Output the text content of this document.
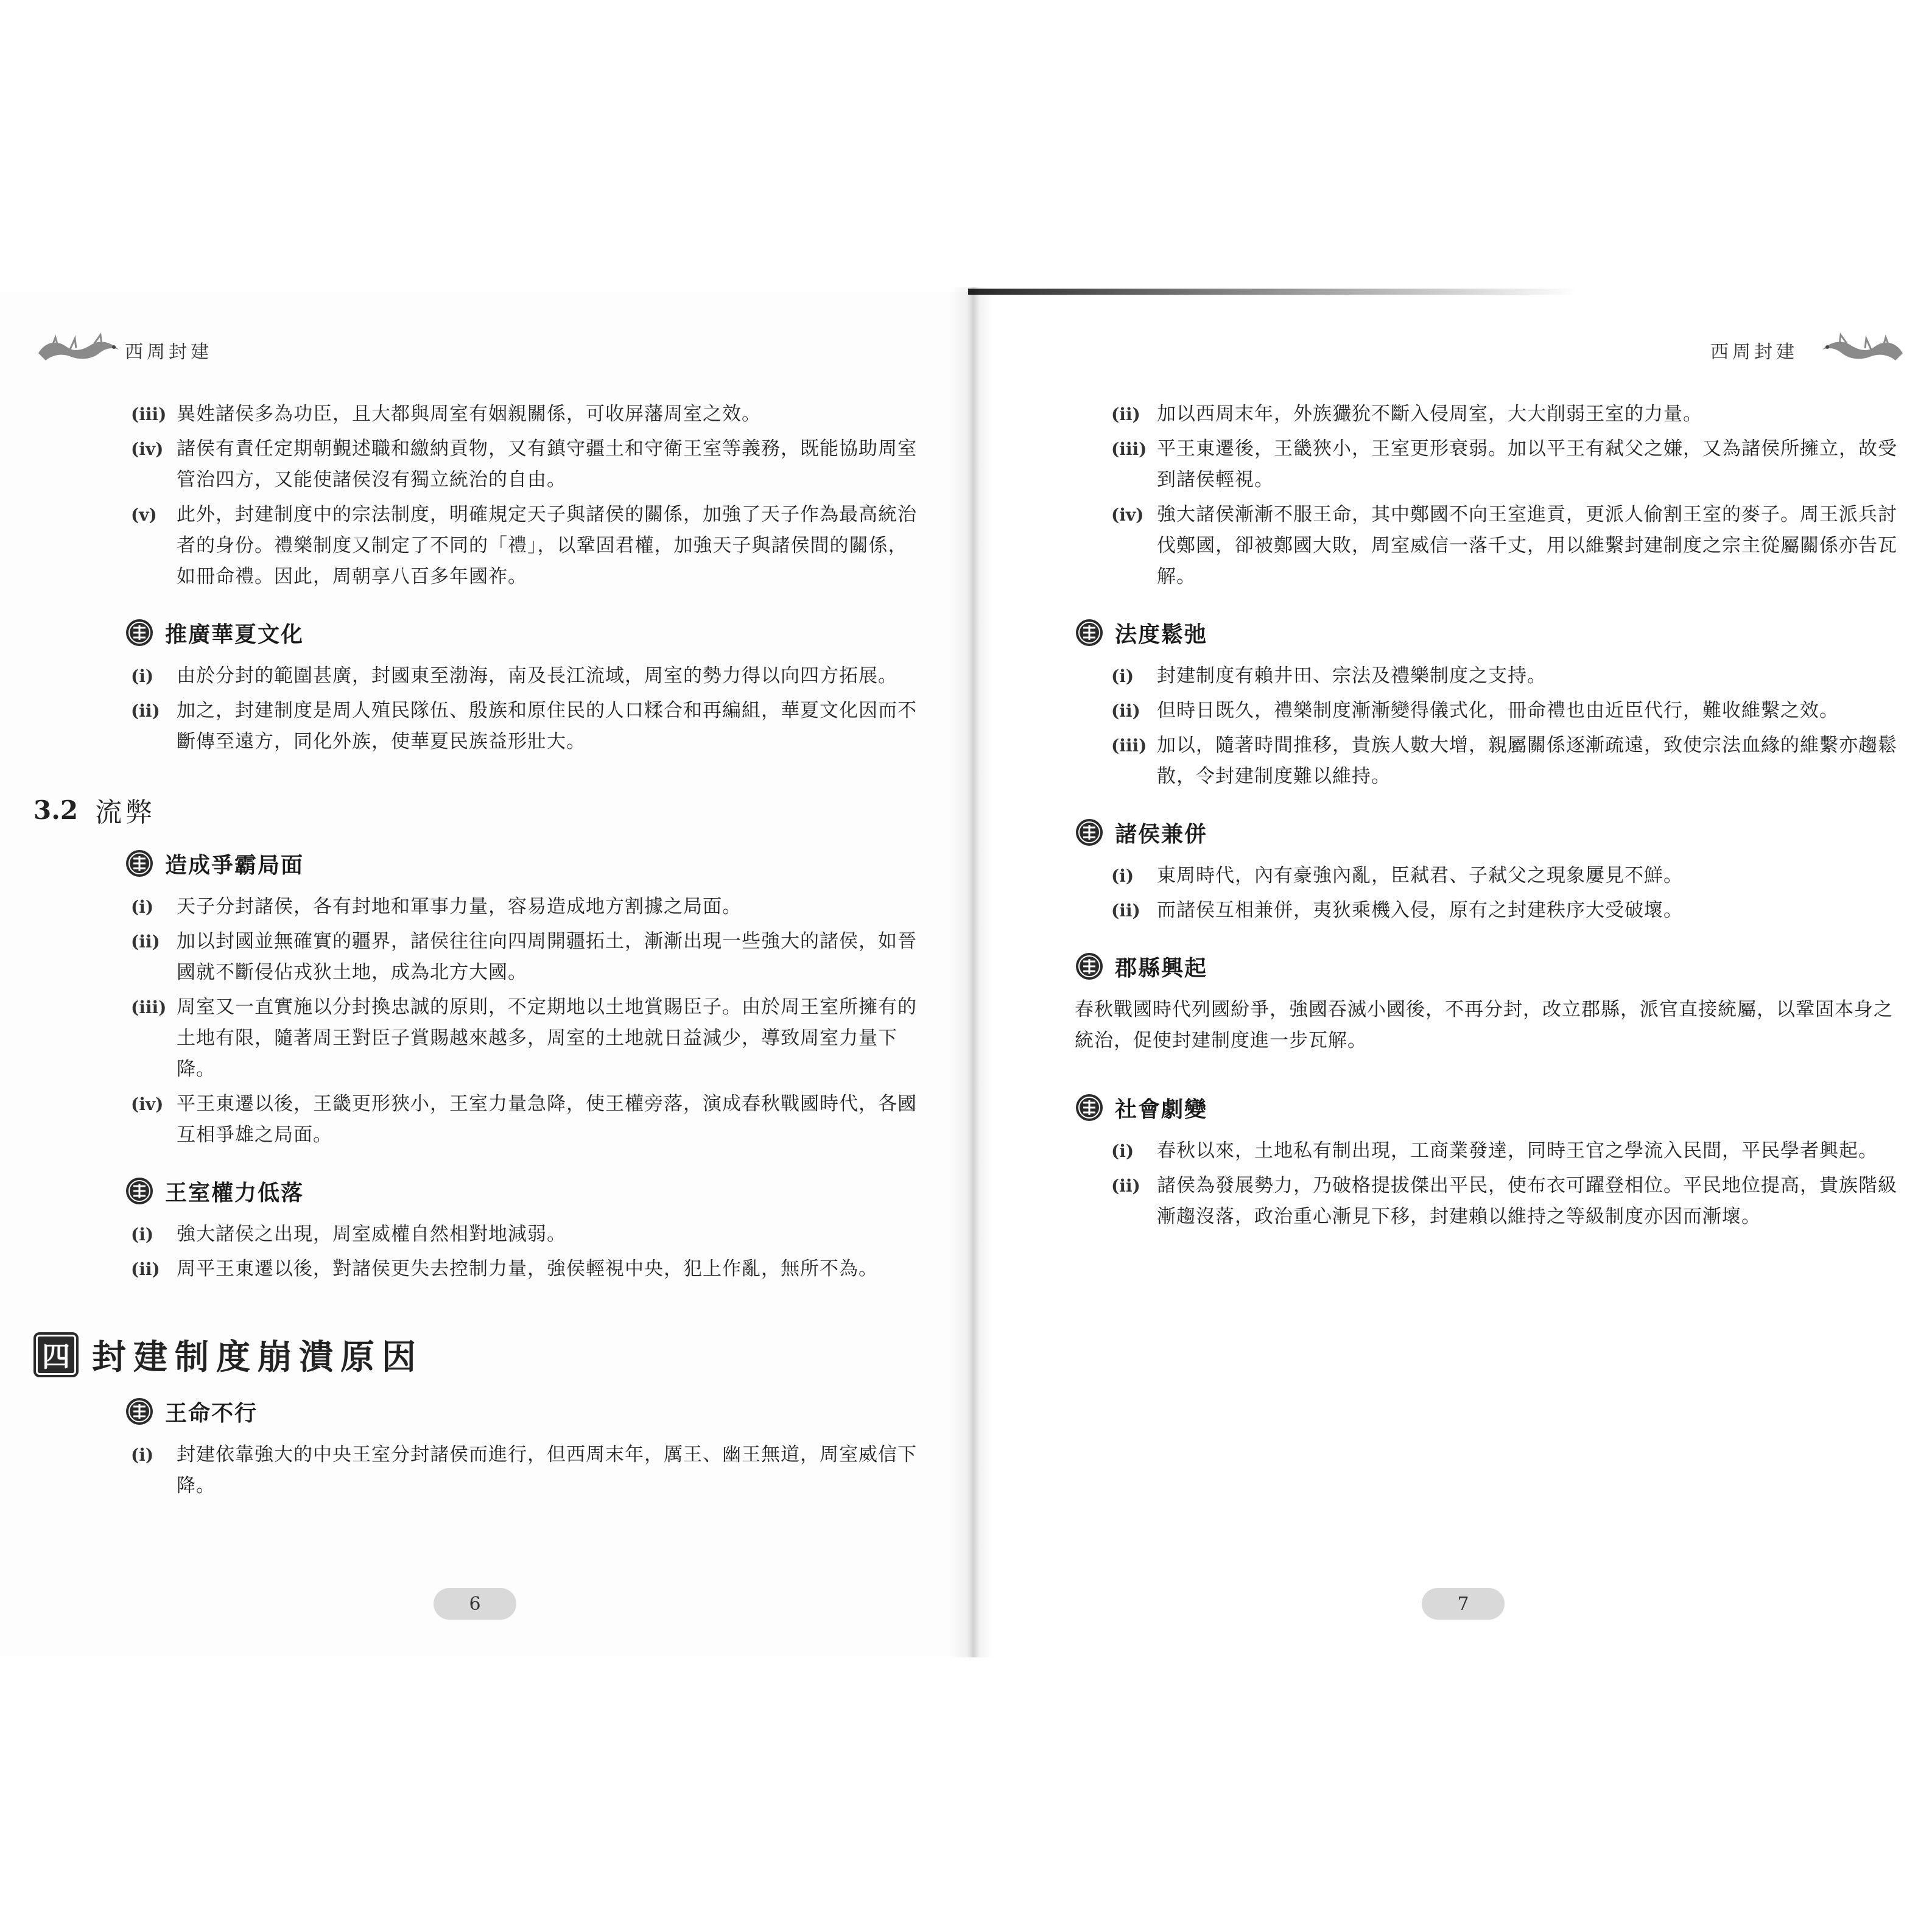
西周封建	西周封建
(iii) 異姓諸侯多為功臣，且大都與周室有姻親關係，可收屏藩周室之效。
(iv) 諸侯有責任定期朝覲述職和繳納貢物，又有鎮守疆土和守衛王室等義務，既能協助周室管治四方，又能使諸侯沒有獨立統治的自由。
(v)	此外，封建制度中的宗法制度，明確規定天子與諸侯的關係，加強了天子作為最高統治者的身份。禮樂制度又制定了不同的「禮」，以鞏固君權，加強天子與諸侯間的關係，如冊命禮。因此，周朝享八百多年國祚。
推廣華夏文化
(i)	由於分封的範圍甚廣，封國東至渤海，南及長江流域，周室的勢力得以向四方拓展。
(ii) 加之，封建制度是周人殖民隊伍、殷族和原住民的人口糅合和再編組，華夏文化因而不斷傳至遠方，同化外族，使華夏民族益形壯大。
3.2 流弊
造成爭霸局面
(i)	天子分封諸侯，各有封地和軍事力量，容易造成地方割據之局面。
(ii) 加以封國並無確實的疆界，諸侯往往向四周開疆拓土，漸漸出現一些強大的諸侯，如晉國就不斷侵佔戎狄土地，成為北方大國。
(iii) 周室又一直實施以分封換忠誠的原則，不定期地以土地賞賜臣子。由於周王室所擁有的土地有限，隨著周王對臣子賞賜越來越多，周室的土地就日益減少，導致周室力量下降。
(iv) 平王東遷以後，王畿更形狹小，王室力量急降，使王權旁落，演成春秋戰國時代，各國互相爭雄之局面。
王室權力低落
(i)	強大諸侯之出現，周室威權自然相對地減弱。
(ii) 周平王東遷以後，對諸侯更失去控制力量，強侯輕視中央，犯上作亂，無所不為。
四 封建制度崩潰原因
王命不行
(i)	封建依靠強大的中央王室分封諸侯而進行，但西周末年，厲王、幽王無道，周室威信下降。
(ii) 加以西周末年，外族玁狁不斷入侵周室，大大削弱王室的力量。
(iii) 平王東遷後，王畿狹小，王室更形衰弱。加以平王有弒父之嫌，又為諸侯所擁立，故受到諸侯輕視。
(iv) 強大諸侯漸漸不服王命，其中鄭國不向王室進貢，更派人偷割王室的麥子。周王派兵討伐鄭國，卻被鄭國大敗，周室威信一落千丈，用以維繫封建制度之宗主從屬關係亦告瓦解。
法度鬆弛
(i)	封建制度有賴井田、宗法及禮樂制度之支持。
(ii) 但時日既久，禮樂制度漸漸變得儀式化，冊命禮也由近臣代行，難收維繫之效。
(iii) 加以，隨著時間推移，貴族人數大增，親屬關係逐漸疏遠，致使宗法血緣的維繫亦趨鬆散，令封建制度難以維持。
諸侯兼併
(i)	東周時代，內有豪強內亂，臣弒君、子弒父之現象屢見不鮮。
(ii) 而諸侯互相兼併，夷狄乘機入侵，原有之封建秩序大受破壞。
郡縣興起
春秋戰國時代列國紛爭，強國吞滅小國後，不再分封，改立郡縣，派官直接統屬，以鞏固本身之統治，促使封建制度進一步瓦解。
社會劇變
(i)	春秋以來，土地私有制出現，工商業發達，同時王官之學流入民間，平民學者興起。
(ii) 諸侯為發展勢力，乃破格提拔傑出平民，使布衣可躍登相位。平民地位提高，貴族階級漸趨沒落，政治重心漸見下移，封建賴以維持之等級制度亦因而漸壞。
6	7
